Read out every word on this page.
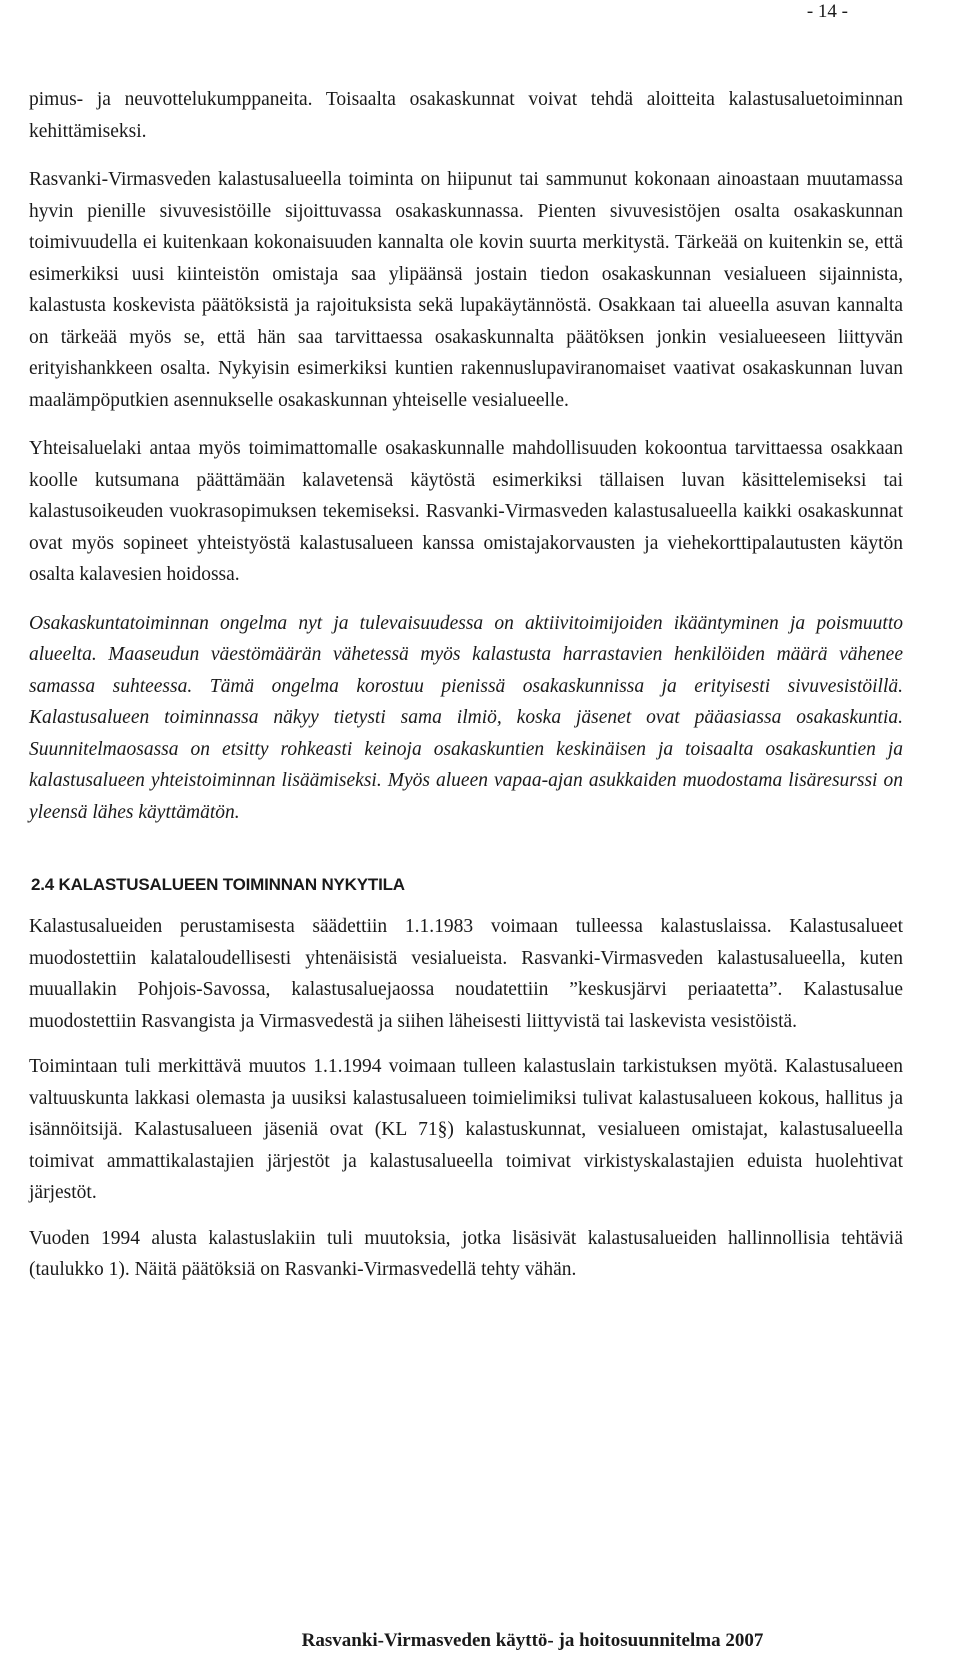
- 14 -

pimus- ja neuvottelukumppaneita. Toisaalta osakaskunnat voivat tehdä aloitteita kalastusaluetoiminnan kehittämiseksi.

Rasvanki-Virmasveden kalastusalueella toiminta on hiipunut tai sammunut kokonaan ainoastaan muutamassa hyvin pienille sivuvesistöille sijoittuvassa osakaskunnassa. Pienten sivuvesistöjen osalta osakaskunnan toimivuudella ei kuitenkaan kokonaisuuden kannalta ole kovin suurta merkitystä. Tärkeää on kuitenkin se, että esimerkiksi uusi kiinteistön omistaja saa ylipäänsä jostain tiedon osakaskunnan vesialueen sijainnista, kalastusta koskevista päätöksistä ja rajoituksista sekä lupakäytännöstä. Osakkaan tai alueella asuvan kannalta on tärkeää myös se, että hän saa tarvittaessa osakaskunnalta päätöksen jonkin vesialueeseen liittyvän erityishankkeen osalta. Nykyisin esimerkiksi kuntien rakennuslupaviranomaiset vaativat osakaskunnan luvan maalämpöputkien asennukselle osakaskunnan yhteiselle vesialueelle.

Yhteisaluelaki antaa myös toimimattomalle osakaskunnalle mahdollisuuden kokoontua tarvittaessa osakkaan koolle kutsumana päättämään kalavetensä käytöstä esimerkiksi tällaisen luvan käsittelemiseksi tai kalastusoikeuden vuokrasopimuksen tekemiseksi. Rasvanki-Virmasveden kalastusalueella kaikki osakaskunnat ovat myös sopineet yhteistyöstä kalastusalueen kanssa omistajakorvausten ja viehekorttipalautusten käytön osalta kalavesien hoidossa.

Osakaskuntatoiminnan ongelma nyt ja tulevaisuudessa on aktiivitoimijoiden ikääntyminen ja poismuutto alueelta. Maaseudun väestömäärän vähetessä myös kalastusta harrastavien henkilöiden määrä vähenee samassa suhteessa. Tämä ongelma korostuu pienissä osakaskunnissa ja erityisesti sivuvesistöillä. Kalastusalueen toiminnassa näkyy tietysti sama ilmiö, koska jäsenet ovat pääasiassa osakaskuntia. Suunnitelmaosassa on etsitty rohkeasti keinoja osakaskuntien keskinäisen ja toisaalta osakaskuntien ja kalastusalueen yhteistoiminnan lisäämiseksi. Myös alueen vapaa-ajan asukkaiden muodostama lisäresurssi on yleensä lähes käyttämätön.

2.4 KALASTUSALUEEN TOIMINNAN NYKYTILA

Kalastusalueiden perustamisesta säädettiin 1.1.1983 voimaan tulleessa kalastuslaissa. Kalastusalueet muodostettiin kalataloudellisesti yhtenäisistä vesialueista. Rasvanki-Virmasveden kalastusalueella, kuten muuallakin Pohjois-Savossa, kalastusaluejaossa noudatettiin ”keskusjärvi periaatetta”. Kalastusalue muodostettiin Rasvangista ja Virmasvedestä ja siihen läheisesti liittyvistä tai laskevista vesistöistä.

Toimintaan tuli merkittävä muutos 1.1.1994 voimaan tulleen kalastuslain tarkistuksen myötä. Kalastusalueen valtuuskunta lakkasi olemasta ja uusiksi kalastusalueen toimielimiksi tulivat kalastusalueen kokous, hallitus ja isännöitsijä. Kalastusalueen jäseniä ovat (KL 71§) kalastuskunnat, vesialueen omistajat, kalastusalueella toimivat ammattikalastajien järjestöt ja kalastusalueella toimivat virkistyskalastajien eduista huolehtivat järjestöt.

Vuoden 1994 alusta kalastuslakiin tuli muutoksia, jotka lisäsivät kalastusalueiden hallinnollisia tehtäviä (taulukko 1). Näitä päätöksiä on Rasvanki-Virmasvedellä tehty vähän.

Rasvanki-Virmasveden käyttö- ja hoitosuunnitelma 2007
